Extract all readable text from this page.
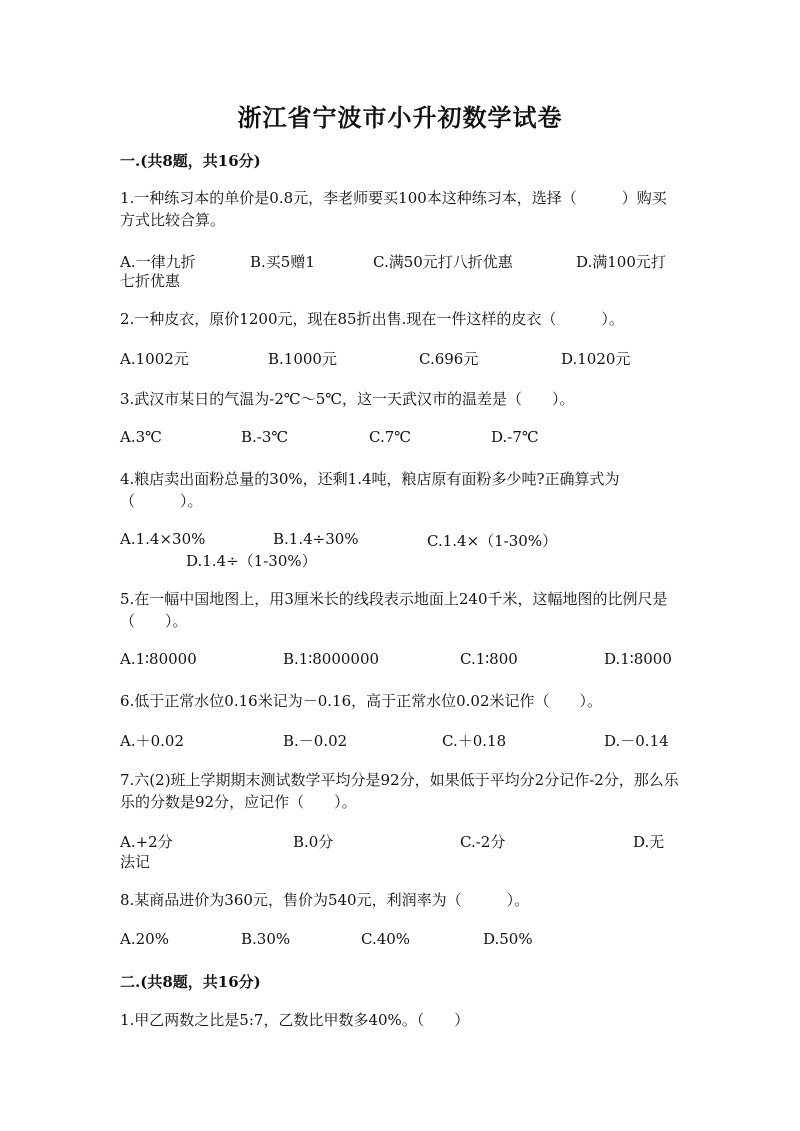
浙江省宁波市小升初数学试卷
一.(共8题，共16分)
1.一种练习本的单价是0.8元，李老师要买100本这种练习本，选择（　　　）购买方式比较合算。
A.一律九折	B.买5赠1	C.满50元打八折优惠	D.满100元打
七折优惠
2.一种皮衣，原价1200元，现在85折出售.现在一件这样的皮衣（　　　）。
A.1002元	B.1000元	C.696元	D.1020元
3.武汉市某日的气温为-2℃～5℃，这一天武汉市的温差是（　　）。
A.3℃	B.-3℃	C.7℃	D.-7℃
4.粮店卖出面粉总量的30%，还剩1.4吨，粮店原有面粉多少吨?正确算式为（　　　）。
A.1.4×30%	B.1.4÷30%	C.1.4×（1-30%）
D.1.4÷（1-30%）
5.在一幅中国地图上，用3厘米长的线段表示地面上240千米，这幅地图的比例尺是（　　）。
A.1∶80000	B.1∶8000000	C.1∶800	D.1∶8000
6.低于正常水位0.16米记为－0.16，高于正常水位0.02米记作（　　）。
A.＋0.02	B.－0.02	C.＋0.18	D.－0.14
7.六(2)班上学期期末测试数学平均分是92分，如果低于平均分2分记作-2分，那么乐乐的分数是92分，应记作（　　）。
A.+2分	B.0分	C.-2分	D.无
法记
8.某商品进价为360元，售价为540元，利润率为（　　　）。
A.20%	B.30%	C.40%	D.50%
二.(共8题，共16分)
1.甲乙两数之比是5:7，乙数比甲数多40%。（　　）
